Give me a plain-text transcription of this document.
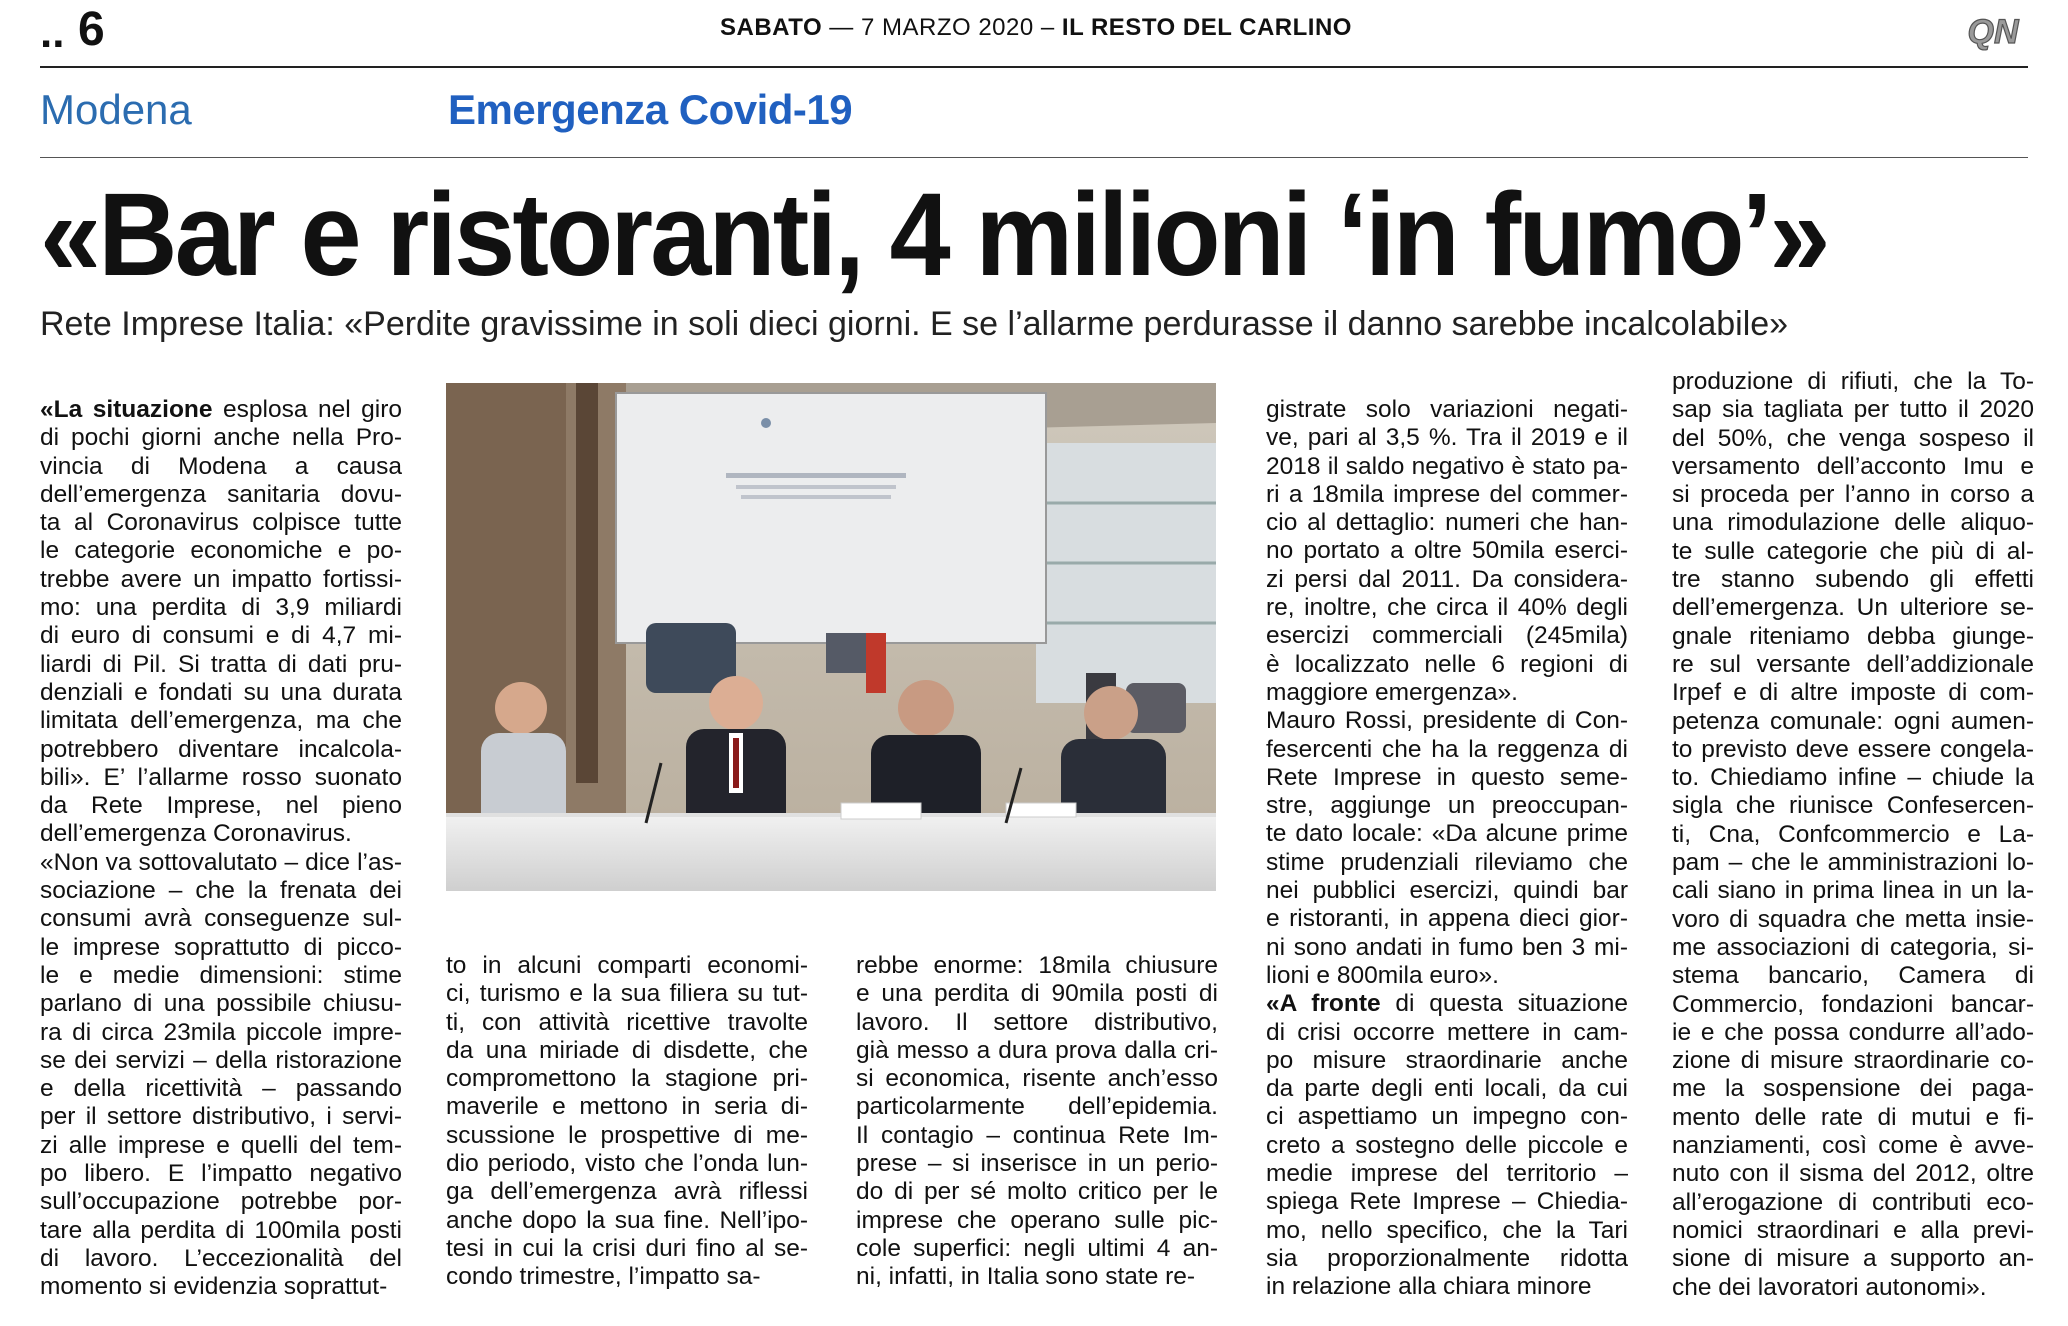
.. 6	SABATO — 7 MARZO 2020 – IL RESTO DEL CARLINO	QN
Modena	Emergenza Covid-19
«Bar e ristoranti, 4 milioni ‘in fumo’»
Rete Imprese Italia: «Perdite gravissime in soli dieci giorni. E se l’allarme perdurasse il danno sarebbe incalcolabile»
«La situazione esplosa nel giro
di pochi giorni anche nella Pro-
vincia di Modena a causa
dell’emergenza sanitaria dovu-
ta al Coronavirus colpisce tutte
le categorie economiche e po-
trebbe avere un impatto fortissi-
mo: una perdita di 3,9 miliardi
di euro di consumi e di 4,7 mi-
liardi di Pil. Si tratta di dati pru-
denziali e fondati su una durata
limitata dell’emergenza, ma che
potrebbero diventare incalcola-
bili». E’ l’allarme rosso suonato
da Rete Imprese, nel pieno
dell’emergenza Coronavirus.
«Non va sottovalutato – dice l’as-
sociazione – che la frenata dei
consumi avrà conseguenze sul-
le imprese soprattutto di picco-
le e medie dimensioni: stime
parlano di una possibile chiusu-
ra di circa 23mila piccole impre-
se dei servizi – della ristorazione
e della ricettività – passando
per il settore distributivo, i servi-
zi alle imprese e quelli del tem-
po libero. E l’impatto negativo
sull’occupazione potrebbe por-
tare alla perdita di 100mila posti
di lavoro. L’eccezionalità del
momento si evidenzia soprattut-
to in alcuni comparti economi-
ci, turismo e la sua filiera su tut-
ti, con attività ricettive travolte
da una miriade di disdette, che
compromettono la stagione pri-
maverile e mettono in seria di-
scussione le prospettive di me-
dio periodo, visto che l’onda lun-
ga dell’emergenza avrà riflessi
anche dopo la sua fine. Nell’ipo-
tesi in cui la crisi duri fino al se-
condo trimestre, l’impatto sa-
rebbe enorme: 18mila chiusure
e una perdita di 90mila posti di
lavoro. Il settore distributivo,
già messo a dura prova dalla cri-
si economica, risente anch’esso
particolarmente dell’epidemia.
Il contagio – continua Rete Im-
prese – si inserisce in un perio-
do di per sé molto critico per le
imprese che operano sulle pic-
cole superfici: negli ultimi 4 an-
ni, infatti, in Italia sono state re-
gistrate solo variazioni negati-
ve, pari al 3,5 %. Tra il 2019 e il
2018 il saldo negativo è stato pa-
ri a 18mila imprese del commer-
cio al dettaglio: numeri che han-
no portato a oltre 50mila eserci-
zi persi dal 2011. Da considera-
re, inoltre, che circa il 40% degli
esercizi commerciali (245mila)
è localizzato nelle 6 regioni di
maggiore emergenza».
Mauro Rossi, presidente di Con-
fesercenti che ha la reggenza di
Rete Imprese in questo seme-
stre, aggiunge un preoccupan-
te dato locale: «Da alcune prime
stime prudenziali rileviamo che
nei pubblici esercizi, quindi bar
e ristoranti, in appena dieci gior-
ni sono andati in fumo ben 3 mi-
lioni e 800mila euro».
«A fronte di questa situazione
di crisi occorre mettere in cam-
po misure straordinarie anche
da parte degli enti locali, da cui
ci aspettiamo un impegno con-
creto a sostegno delle piccole e
medie imprese del territorio –
spiega Rete Imprese – Chiedia-
mo, nello specifico, che la Tari
sia proporzionalmente ridotta
in relazione alla chiara minore
produzione di rifiuti, che la To-
sap sia tagliata per tutto il 2020
del 50%, che venga sospeso il
versamento dell’acconto Imu e
si proceda per l’anno in corso a
una rimodulazione delle aliquo-
te sulle categorie che più di al-
tre stanno subendo gli effetti
dell’emergenza. Un ulteriore se-
gnale riteniamo debba giunge-
re sul versante dell’addizionale
Irpef e di altre imposte di com-
petenza comunale: ogni aumen-
to previsto deve essere congela-
to. Chiediamo infine – chiude la
sigla che riunisce Confesercen-
ti, Cna, Confcommercio e La-
pam – che le amministrazioni lo-
cali siano in prima linea in un la-
voro di squadra che metta insie-
me associazioni di categoria, si-
stema bancario, Camera di
Commercio, fondazioni bancar-
ie e che possa condurre all’ado-
zione di misure straordinarie co-
me la sospensione dei paga-
mento delle rate di mutui e fi-
nanziamenti, così come è avve-
nuto con il sisma del 2012, oltre
all’erogazione di contributi eco-
nomici straordinari e alla previ-
sione di misure a supporto an-
che dei lavoratori autonomi».
